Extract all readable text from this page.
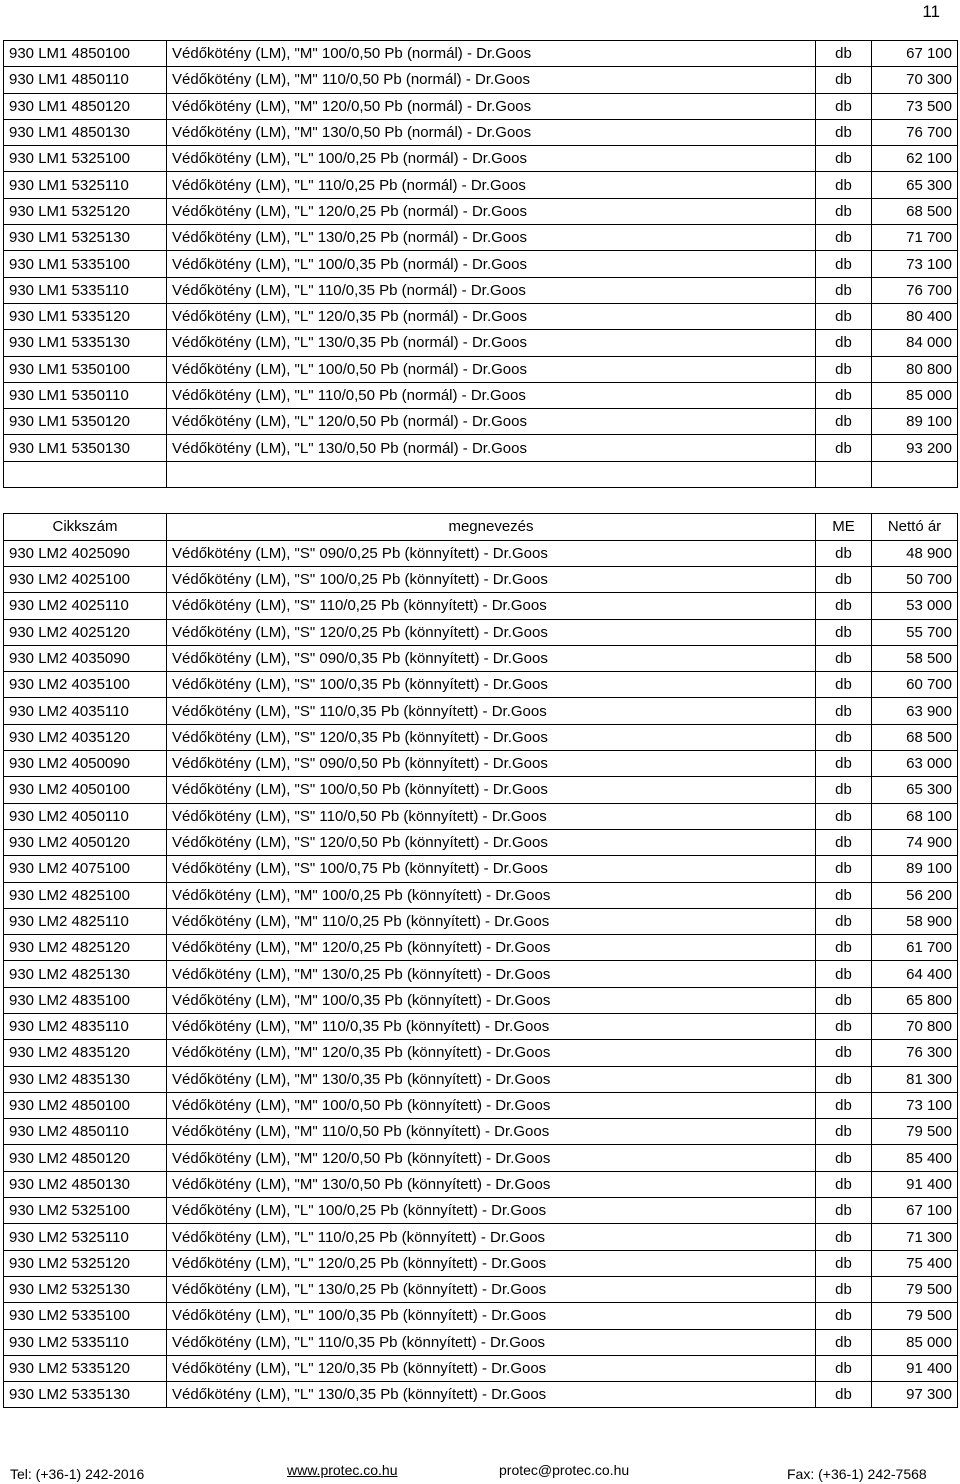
11
930 LM1 4850100	Védőkötény (LM), "M" 100/0,50 Pb (normál) - Dr.Goos	db	67 100
930 LM1 4850110	Védőkötény (LM), "M" 110/0,50 Pb (normál) - Dr.Goos	db	70 300
930 LM1 4850120	Védőkötény (LM), "M" 120/0,50 Pb (normál) - Dr.Goos	db	73 500
930 LM1 4850130	Védőkötény (LM), "M" 130/0,50 Pb (normál) - Dr.Goos	db	76 700
930 LM1 5325100	Védőkötény (LM), "L" 100/0,25 Pb (normál) - Dr.Goos	db	62 100
930 LM1 5325110	Védőkötény (LM), "L" 110/0,25 Pb (normál) - Dr.Goos	db	65 300
930 LM1 5325120	Védőkötény (LM), "L" 120/0,25 Pb (normál) - Dr.Goos	db	68 500
930 LM1 5325130	Védőkötény (LM), "L" 130/0,25 Pb (normál) - Dr.Goos	db	71 700
930 LM1 5335100	Védőkötény (LM), "L" 100/0,35 Pb (normál) - Dr.Goos	db	73 100
930 LM1 5335110	Védőkötény (LM), "L" 110/0,35 Pb (normál) - Dr.Goos	db	76 700
930 LM1 5335120	Védőkötény (LM), "L" 120/0,35 Pb (normál) - Dr.Goos	db	80 400
930 LM1 5335130	Védőkötény (LM), "L" 130/0,35 Pb (normál) - Dr.Goos	db	84 000
930 LM1 5350100	Védőkötény (LM), "L" 100/0,50 Pb (normál) - Dr.Goos	db	80 800
930 LM1 5350110	Védőkötény (LM), "L" 110/0,50 Pb (normál) - Dr.Goos	db	85 000
930 LM1 5350120	Védőkötény (LM), "L" 120/0,50 Pb (normál) - Dr.Goos	db	89 100
930 LM1 5350130	Védőkötény (LM), "L" 130/0,50 Pb (normál) - Dr.Goos	db	93 200

Cikkszám	megnevezés	ME	Nettó ár
930 LM2 4025090	Védőkötény (LM), "S" 090/0,25 Pb (könnyített) - Dr.Goos	db	48 900
930 LM2 4025100	Védőkötény (LM), "S" 100/0,25 Pb (könnyített) - Dr.Goos	db	50 700
930 LM2 4025110	Védőkötény (LM), "S" 110/0,25 Pb (könnyített) - Dr.Goos	db	53 000
930 LM2 4025120	Védőkötény (LM), "S" 120/0,25 Pb (könnyített) - Dr.Goos	db	55 700
930 LM2 4035090	Védőkötény (LM), "S" 090/0,35 Pb (könnyített) - Dr.Goos	db	58 500
930 LM2 4035100	Védőkötény (LM), "S" 100/0,35 Pb (könnyített) - Dr.Goos	db	60 700
930 LM2 4035110	Védőkötény (LM), "S" 110/0,35 Pb (könnyített) - Dr.Goos	db	63 900
930 LM2 4035120	Védőkötény (LM), "S" 120/0,35 Pb (könnyített) - Dr.Goos	db	68 500
930 LM2 4050090	Védőkötény (LM), "S" 090/0,50 Pb (könnyített) - Dr.Goos	db	63 000
930 LM2 4050100	Védőkötény (LM), "S" 100/0,50 Pb (könnyített) - Dr.Goos	db	65 300
930 LM2 4050110	Védőkötény (LM), "S" 110/0,50 Pb (könnyített) - Dr.Goos	db	68 100
930 LM2 4050120	Védőkötény (LM), "S" 120/0,50 Pb (könnyített) - Dr.Goos	db	74 900
930 LM2 4075100	Védőkötény (LM), "S" 100/0,75 Pb (könnyített) - Dr.Goos	db	89 100
930 LM2 4825100	Védőkötény (LM), "M" 100/0,25 Pb (könnyített) - Dr.Goos	db	56 200
930 LM2 4825110	Védőkötény (LM), "M" 110/0,25 Pb (könnyített) - Dr.Goos	db	58 900
930 LM2 4825120	Védőkötény (LM), "M" 120/0,25 Pb (könnyített) - Dr.Goos	db	61 700
930 LM2 4825130	Védőkötény (LM), "M" 130/0,25 Pb (könnyített) - Dr.Goos	db	64 400
930 LM2 4835100	Védőkötény (LM), "M" 100/0,35 Pb (könnyített) - Dr.Goos	db	65 800
930 LM2 4835110	Védőkötény (LM), "M" 110/0,35 Pb (könnyített) - Dr.Goos	db	70 800
930 LM2 4835120	Védőkötény (LM), "M" 120/0,35 Pb (könnyített) - Dr.Goos	db	76 300
930 LM2 4835130	Védőkötény (LM), "M" 130/0,35 Pb (könnyített) - Dr.Goos	db	81 300
930 LM2 4850100	Védőkötény (LM), "M" 100/0,50 Pb (könnyített) - Dr.Goos	db	73 100
930 LM2 4850110	Védőkötény (LM), "M" 110/0,50 Pb (könnyített) - Dr.Goos	db	79 500
930 LM2 4850120	Védőkötény (LM), "M" 120/0,50 Pb (könnyített) - Dr.Goos	db	85 400
930 LM2 4850130	Védőkötény (LM), "M" 130/0,50 Pb (könnyített) - Dr.Goos	db	91 400
930 LM2 5325100	Védőkötény (LM), "L" 100/0,25 Pb (könnyített) - Dr.Goos	db	67 100
930 LM2 5325110	Védőkötény (LM), "L" 110/0,25 Pb (könnyített) - Dr.Goos	db	71 300
930 LM2 5325120	Védőkötény (LM), "L" 120/0,25 Pb (könnyített) - Dr.Goos	db	75 400
930 LM2 5325130	Védőkötény (LM), "L" 130/0,25 Pb (könnyített) - Dr.Goos	db	79 500
930 LM2 5335100	Védőkötény (LM), "L" 100/0,35 Pb (könnyített) - Dr.Goos	db	79 500
930 LM2 5335110	Védőkötény (LM), "L" 110/0,35 Pb (könnyített) - Dr.Goos	db	85 000
930 LM2 5335120	Védőkötény (LM), "L" 120/0,35 Pb (könnyített) - Dr.Goos	db	91 400
930 LM2 5335130	Védőkötény (LM), "L" 130/0,35 Pb (könnyített) - Dr.Goos	db	97 300
Tel: (+36-1) 242-2016	www.protec.co.hu	protec@protec.co.hu	Fax: (+36-1) 242-7568
